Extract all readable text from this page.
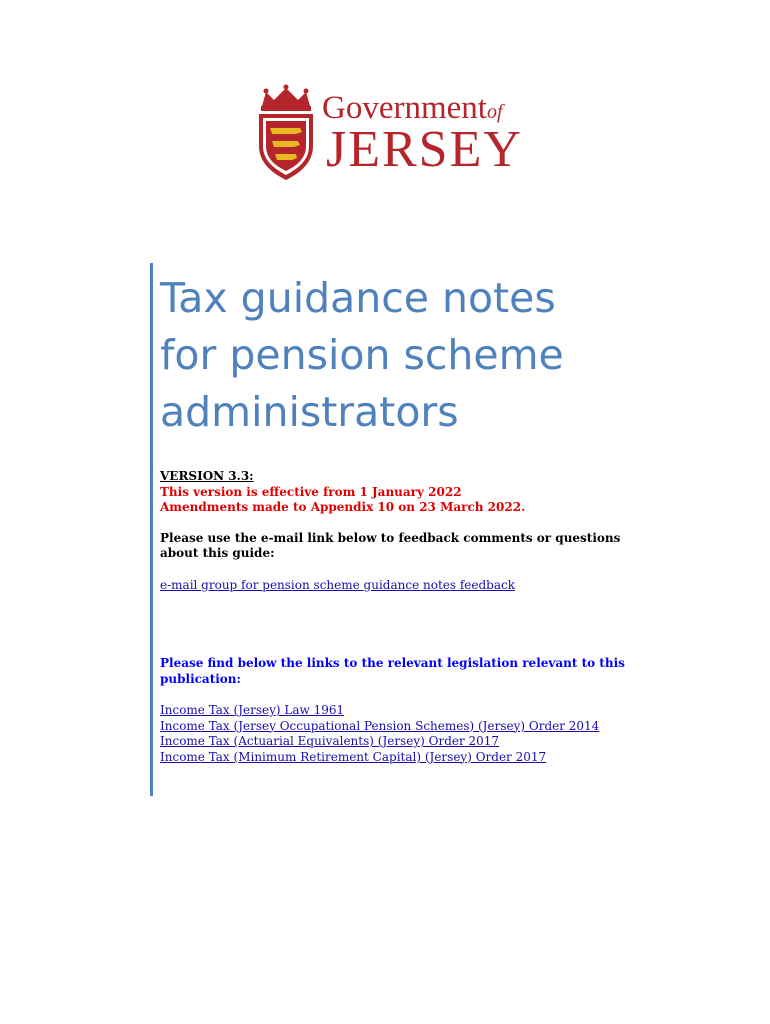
Governmentof
JERSEY
Tax guidance notes
for pension scheme
administrators
VERSION 3.3:
This version is effective from 1 January 2022
Amendments made to Appendix 10 on 23 March 2022.
Please use the e-mail link below to feedback comments or questions about this guide:
e-mail group for pension scheme guidance notes feedback
Please find below the links to the relevant legislation relevant to this publication:
Income Tax (Jersey) Law 1961
Income Tax (Jersey Occupational Pension Schemes) (Jersey) Order 2014
Income Tax (Actuarial Equivalents) (Jersey) Order 2017
Income Tax (Minimum Retirement Capital) (Jersey) Order 2017
